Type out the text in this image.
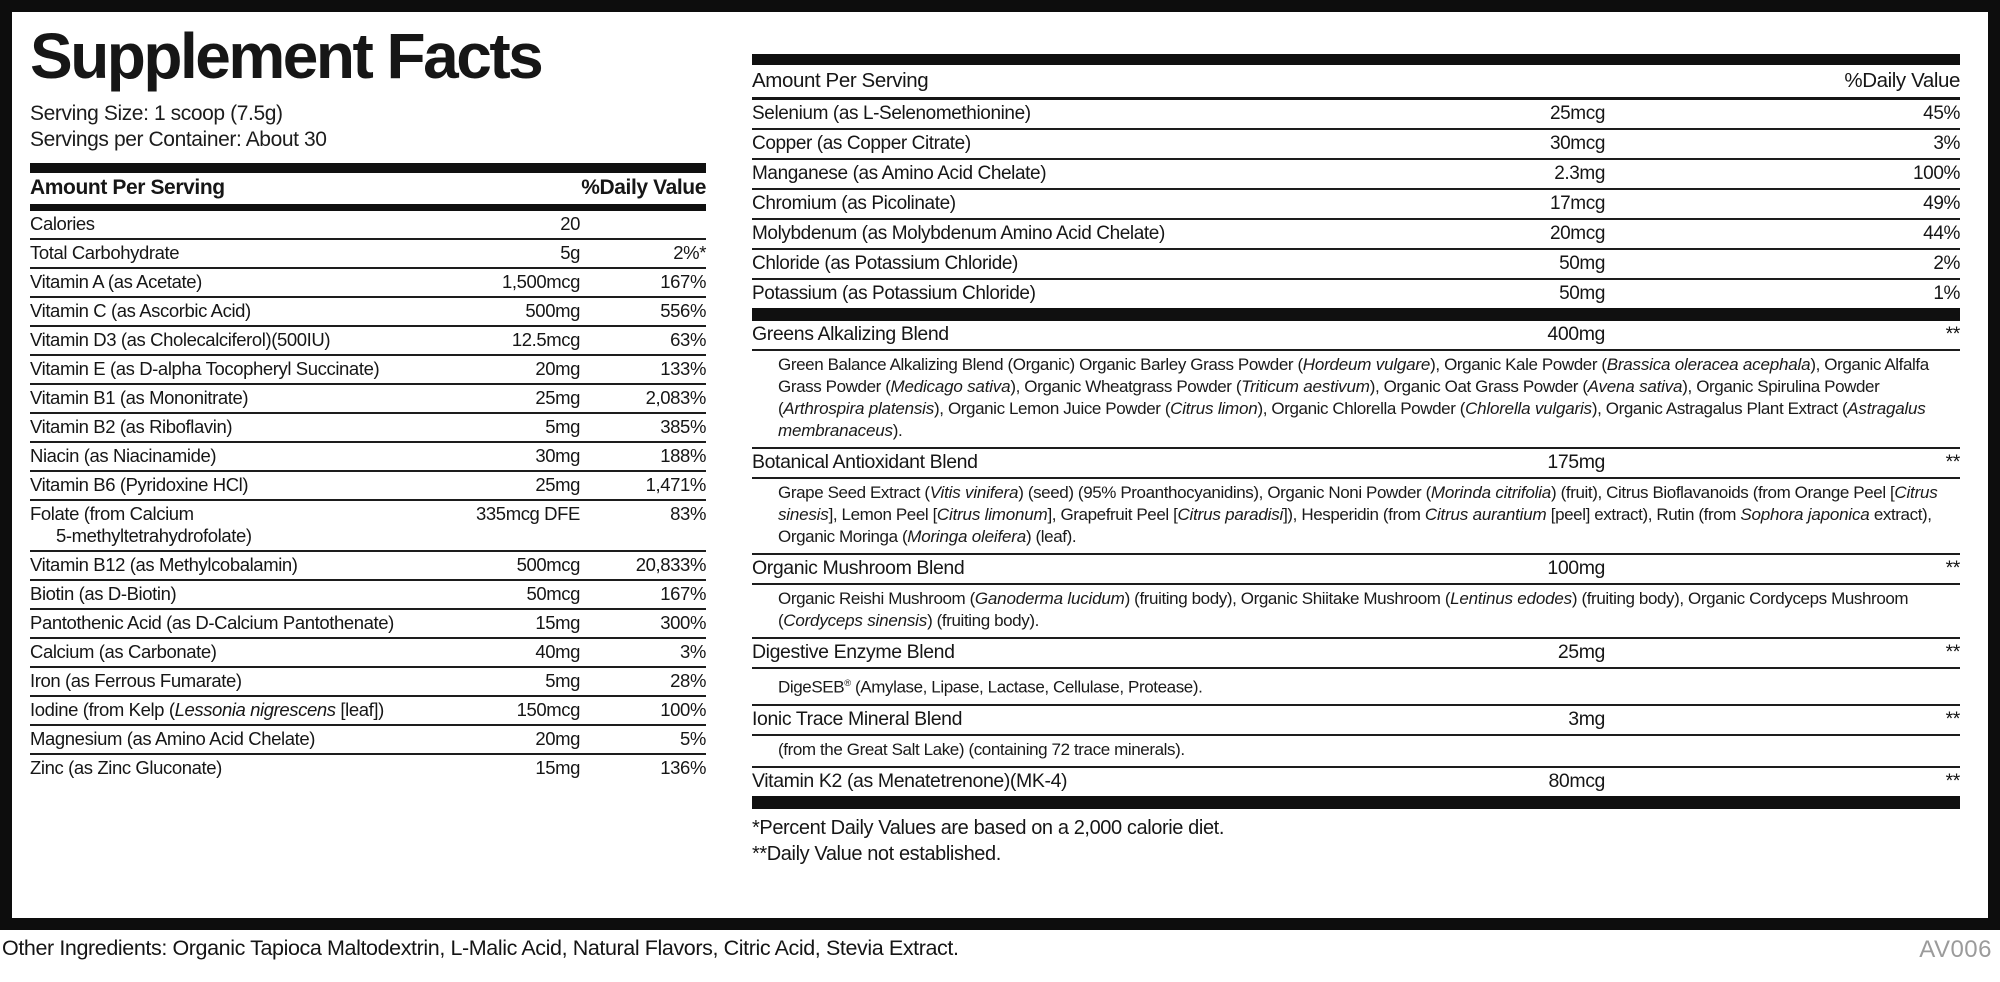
Supplement Facts
Serving Size: 1 scoop (7.5g)
Servings per Container: About 30
Amount Per Serving	%Daily Value
Calories	20
Total Carbohydrate	5g	2%*
Vitamin A (as Acetate)	1,500mcg	167%
Vitamin C (as Ascorbic Acid)	500mg	556%
Vitamin D3 (as Cholecalciferol)(500IU)	12.5mcg	63%
Vitamin E (as D-alpha Tocopheryl Succinate)	20mg	133%
Vitamin B1 (as Mononitrate)	25mg	2,083%
Vitamin B2 (as Riboflavin)	5mg	385%
Niacin (as Niacinamide)	30mg	188%
Vitamin B6 (Pyridoxine HCl)	25mg	1,471%
Folate (from Calcium
5-methyltetrahydrofolate)
335mcg DFE	83%
Vitamin B12 (as Methylcobalamin)	500mcg	20,833%
Biotin (as D-Biotin)	50mcg	167%
Pantothenic Acid (as D-Calcium Pantothenate)	15mg	300%
Calcium (as Carbonate)	40mg	3%
Iron (as Ferrous Fumarate)	5mg	28%
Iodine (from Kelp (Lessonia nigrescens [leaf])	150mcg	100%
Magnesium (as Amino Acid Chelate)	20mg	5%
Zinc (as Zinc Gluconate)	15mg	136%
Amount Per Serving	%Daily Value
Selenium (as L-Selenomethionine)	25mcg	45%
Copper (as Copper Citrate)	30mcg	3%
Manganese (as Amino Acid Chelate)	2.3mg	100%
Chromium (as Picolinate)	17mcg	49%
Molybdenum (as Molybdenum Amino Acid Chelate)	20mcg	44%
Chloride (as Potassium Chloride)	50mg	2%
Potassium (as Potassium Chloride)	50mg	1%
Greens Alkalizing Blend	400mg	**
Green Balance Alkalizing Blend (Organic) Organic Barley Grass Powder (Hordeum vulgare), Organic Kale Powder (Brassica oleracea acephala), Organic Alfalfa Grass Powder (Medicago sativa), Organic Wheatgrass Powder (Triticum aestivum), Organic Oat Grass Powder (Avena sativa), Organic Spirulina Powder (Arthrospira platensis), Organic Lemon Juice Powder (Citrus limon), Organic Chlorella Powder (Chlorella vulgaris), Organic Astragalus Plant Extract (Astragalus membranaceus).
Botanical Antioxidant Blend	175mg	**
Grape Seed Extract (Vitis vinifera) (seed) (95% Proanthocyanidins), Organic Noni Powder (Morinda citrifolia) (fruit), Citrus Bioflavanoids (from Orange Peel [Citrus sinesis], Lemon Peel [Citrus limonum], Grapefruit Peel [Citrus paradisi]), Hesperidin (from Citrus aurantium [peel] extract), Rutin (from Sophora japonica extract), Organic Moringa (Moringa oleifera) (leaf).
Organic Mushroom Blend	100mg	**
Organic Reishi Mushroom (Ganoderma lucidum) (fruiting body), Organic Shiitake Mushroom (Lentinus edodes) (fruiting body), Organic Cordyceps Mushroom (Cordyceps sinensis) (fruiting body).
Digestive Enzyme Blend	25mg	**
DigeSEB® (Amylase, Lipase, Lactase, Cellulase, Protease).
Ionic Trace Mineral Blend	3mg	**
(from the Great Salt Lake) (containing 72 trace minerals).
Vitamin K2 (as Menatetrenone)(MK-4)	80mcg	**
*Percent Daily Values are based on a 2,000 calorie diet.
**Daily Value not established.
Other Ingredients: Organic Tapioca Maltodextrin, L-Malic Acid, Natural Flavors, Citric Acid, Stevia Extract.	AV006
